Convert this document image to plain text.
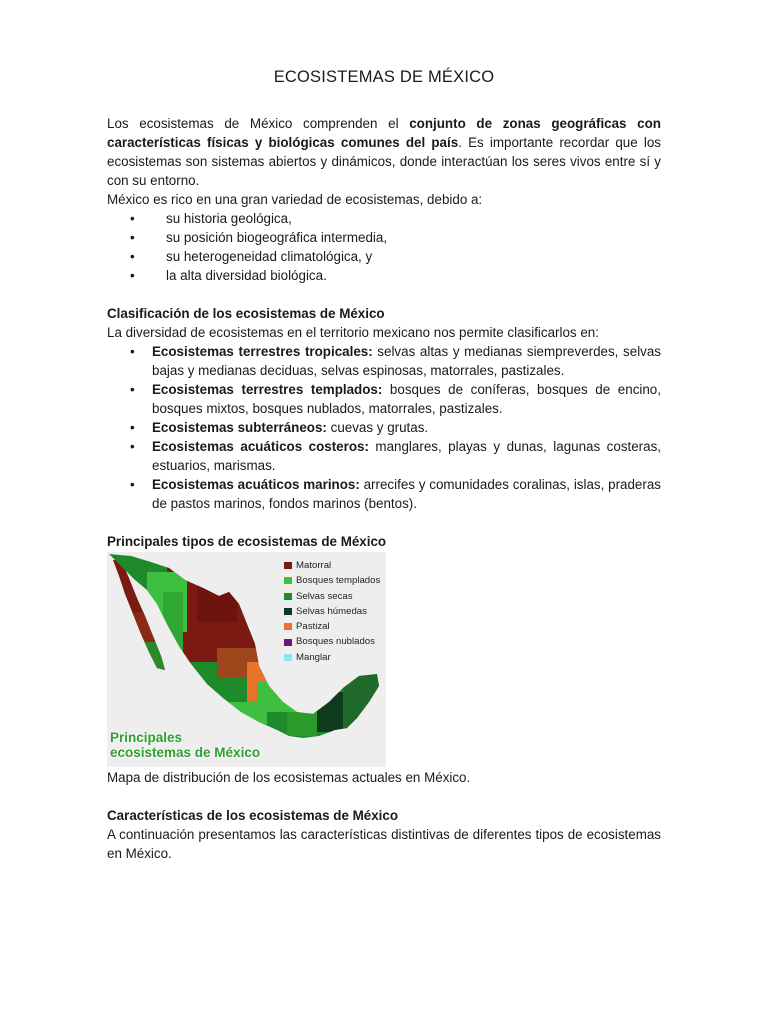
ECOSISTEMAS DE MÉXICO

Los ecosistemas de México comprenden el conjunto de zonas geográficas con características físicas y biológicas comunes del país. Es importante recordar que los ecosistemas son sistemas abiertos y dinámicos, donde interactúan los seres vivos entre sí y con su entorno.

México es rico en una gran variedad de ecosistemas, debido a:

• su historia geológica,
• su posición biogeográfica intermedia,
• su heterogeneidad climatológica, y
• la alta diversidad biológica.

Clasificación de los ecosistemas de México

La diversidad de ecosistemas en el territorio mexicano nos permite clasificarlos en:

• Ecosistemas terrestres tropicales: selvas altas y medianas siempreverdes, selvas bajas y medianas deciduas, selvas espinosas, matorrales, pastizales.
• Ecosistemas terrestres templados: bosques de coníferas, bosques de encino, bosques mixtos, bosques nublados, matorrales, pastizales.
• Ecosistemas subterráneos: cuevas y grutas.
• Ecosistemas acuáticos costeros: manglares, playas y dunas, lagunas costeras, estuarios, marismas.
• Ecosistemas acuáticos marinos: arrecifes y comunidades coralinas, islas, praderas de pastos marinos, fondos marinos (bentos).

Principales tipos de ecosistemas de México

Matorral
Bosques templados
Selvas secas
Selvas húmedas
Pastizal
Bosques nublados
Manglar
Principales
ecosistemas de México

Mapa de distribución de los ecosistemas actuales en México.

Características de los ecosistemas de México

A continuación presentamos las características distintivas de diferentes tipos de ecosistemas en México.
